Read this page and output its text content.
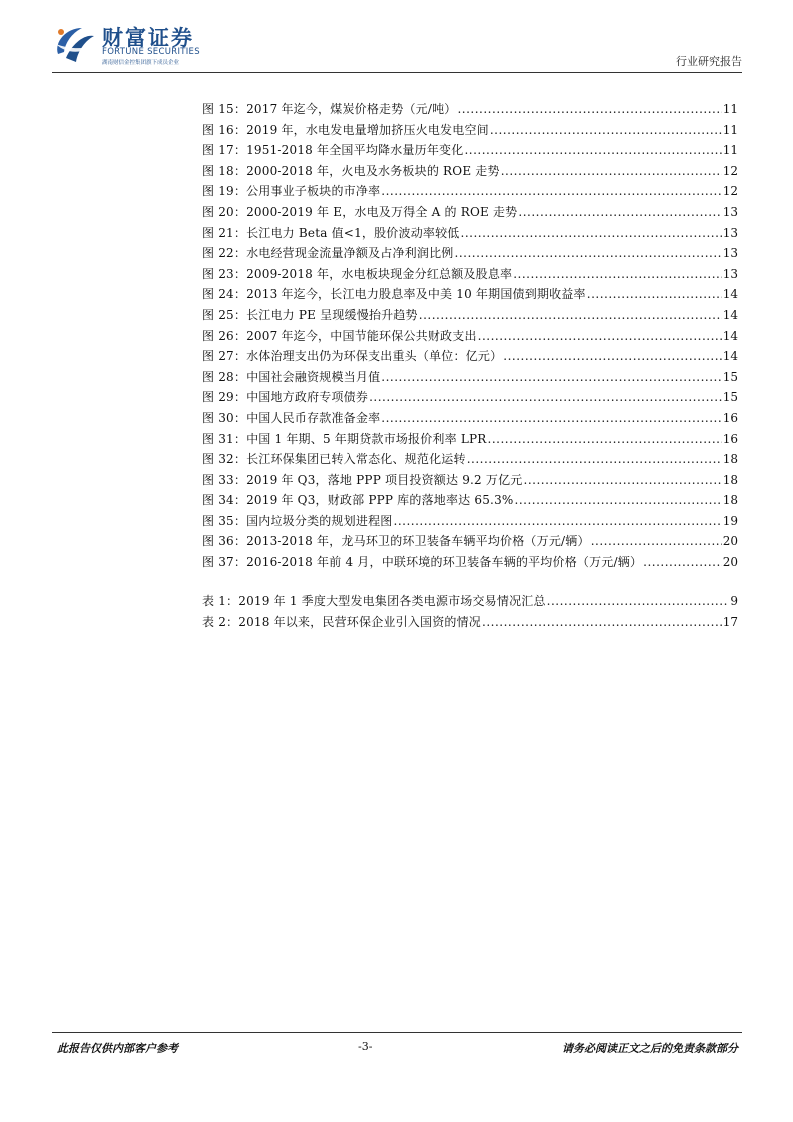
财富证券
FORTUNE SECURITIES
湖南财信金控集团旗下成员企业	行业研究报告
图 15：2017 年迄今，煤炭价格走势（元/吨） .....	11
图 16：2019 年，水电发电量增加挤压火电发电空间 .....	11
图 17：1951-2018 年全国平均降水量历年变化 .....	11
图 18：2000-2018 年，火电及水务板块的 ROE 走势 .....	12
图 19：公用事业子板块的市净率 .....	12
图 20：2000-2019 年 E，水电及万得全 A 的 ROE 走势 .....	13
图 21：长江电力 Beta 值<1，股价波动率较低 .....	13
图 22：水电经营现金流量净额及占净利润比例 .....	13
图 23：2009-2018 年，水电板块现金分红总额及股息率 .....	13
图 24：2013 年迄今，长江电力股息率及中美 10 年期国债到期收益率 .....	14
图 25：长江电力 PE 呈现缓慢抬升趋势 .....	14
图 26：2007 年迄今，中国节能环保公共财政支出 .....	14
图 27：水体治理支出仍为环保支出重头（单位：亿元） .....	14
图 28：中国社会融资规模当月值 .....	15
图 29：中国地方政府专项债券 .....	15
图 30：中国人民币存款准备金率 .....	16
图 31：中国 1 年期、5 年期贷款市场报价利率 LPR .....	16
图 32：长江环保集团已转入常态化、规范化运转 .....	18
图 33：2019 年 Q3，落地 PPP 项目投资额达 9.2 万亿元 .....	18
图 34：2019 年 Q3，财政部 PPP 库的落地率达 65.3% .....	18
图 35：国内垃圾分类的规划进程图 .....	19
图 36：2013-2018 年，龙马环卫的环卫装备车辆平均价格（万元/辆） .....	20
图 37：2016-2018 年前 4 月，中联环境的环卫装备车辆的平均价格（万元/辆） .....	20
表 1：2019 年 1 季度大型发电集团各类电源市场交易情况汇总 .....	9
表 2：2018 年以来，民营环保企业引入国资的情况 .....	17
此报告仅供内部客户参考	-3-	请务必阅读正文之后的免责条款部分
